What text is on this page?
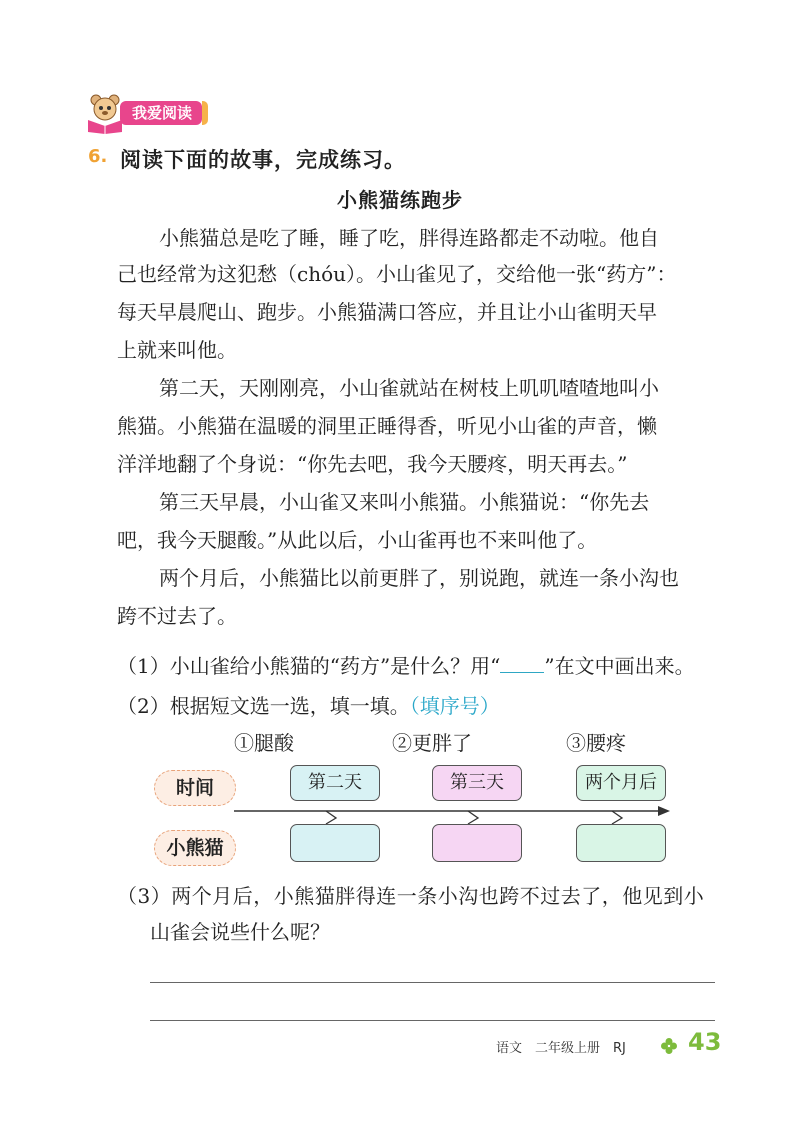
我爱阅读
6. 阅读下面的故事，完成练习。
小熊猫练跑步
小熊猫总是吃了睡，睡了吃，胖得连路都走不动啦。他自
己也经常为这犯愁（chóu）。小山雀见了，交给他一张“药方”：
每天早晨爬山、跑步。小熊猫满口答应，并且让小山雀明天早
上就来叫他。
第二天，天刚刚亮，小山雀就站在树枝上叽叽喳喳地叫小
熊猫。小熊猫在温暖的洞里正睡得香，听见小山雀的声音，懒
洋洋地翻了个身说：“你先去吧，我今天腰疼，明天再去。”
第三天早晨，小山雀又来叫小熊猫。小熊猫说：“你先去
吧，我今天腿酸。”从此以后，小山雀再也不来叫他了。
两个月后，小熊猫比以前更胖了，别说跑，就连一条小沟也
跨不过去了。
（1）小山雀给小熊猫的“药方”是什么？用“ ”在文中画出来。
（2）根据短文选一选，填一填。（填序号）
①腿酸	②更胖了	③腰疼
时间
小熊猫
第二天	第三天	两个月后
（3）两个月后，小熊猫胖得连一条小沟也跨不过去了，他见到小
山雀会说些什么呢？
语文　二年级上册　RJ	43
